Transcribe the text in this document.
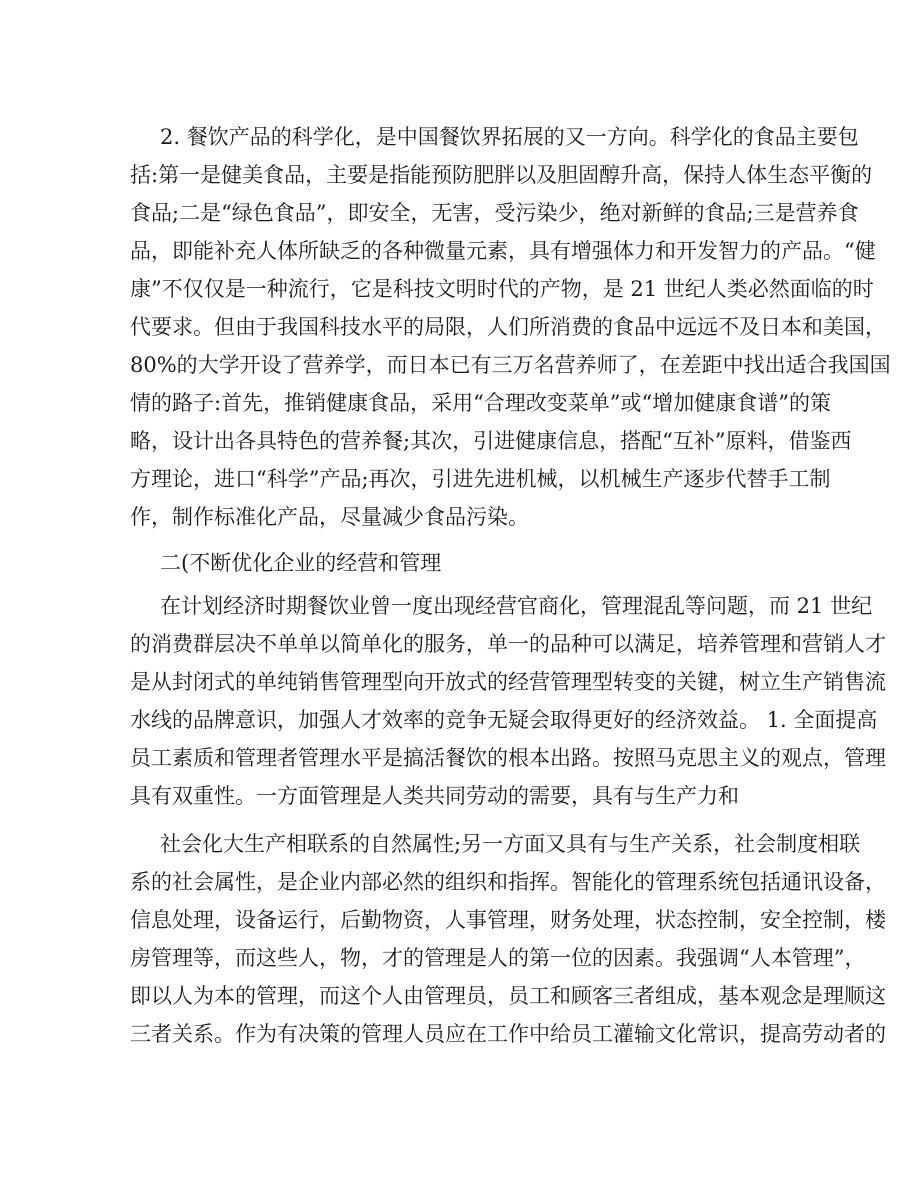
2. 餐饮产品的科学化，是中国餐饮界拓展的又一方向。科学化的食品主要包
括:第一是健美食品，主要是指能预防肥胖以及胆固醇升高，保持人体生态平衡的
食品;二是“绿色食品”，即安全，无害，受污染少，绝对新鲜的食品;三是营养食
品，即能补充人体所缺乏的各种微量元素，具有增强体力和开发智力的产品。“健
康”不仅仅是一种流行，它是科技文明时代的产物，是 21 世纪人类必然面临的时
代要求。但由于我国科技水平的局限，人们所消费的食品中远远不及日本和美国，
80%的大学开设了营养学，而日本已有三万名营养师了，在差距中找出适合我国国
情的路子:首先，推销健康食品，采用“合理改变菜单”或“增加健康食谱”的策
略，设计出各具特色的营养餐;其次，引进健康信息，搭配“互补”原料，借鉴西
方理论，进口“科学”产品;再次，引进先进机械，以机械生产逐步代替手工制
作，制作标准化产品，尽量减少食品污染。
二(不断优化企业的经营和管理
在计划经济时期餐饮业曾一度出现经营官商化，管理混乱等问题，而 21 世纪
的消费群层决不单单以简单化的服务，单一的品种可以满足，培养管理和营销人才
是从封闭式的单纯销售管理型向开放式的经营管理型转变的关键，树立生产销售流
水线的品牌意识，加强人才效率的竞争无疑会取得更好的经济效益。 1. 全面提高
员工素质和管理者管理水平是搞活餐饮的根本出路。按照马克思主义的观点，管理
具有双重性。一方面管理是人类共同劳动的需要，具有与生产力和
社会化大生产相联系的自然属性;另一方面又具有与生产关系，社会制度相联
系的社会属性，是企业内部必然的组织和指挥。智能化的管理系统包括通讯设备，
信息处理，设备运行，后勤物资，人事管理，财务处理，状态控制，安全控制，楼
房管理等，而这些人，物，才的管理是人的第一位的因素。我强调“人本管理”，
即以人为本的管理，而这个人由管理员，员工和顾客三者组成，基本观念是理顺这
三者关系。作为有决策的管理人员应在工作中给员工灌输文化常识，提高劳动者的
